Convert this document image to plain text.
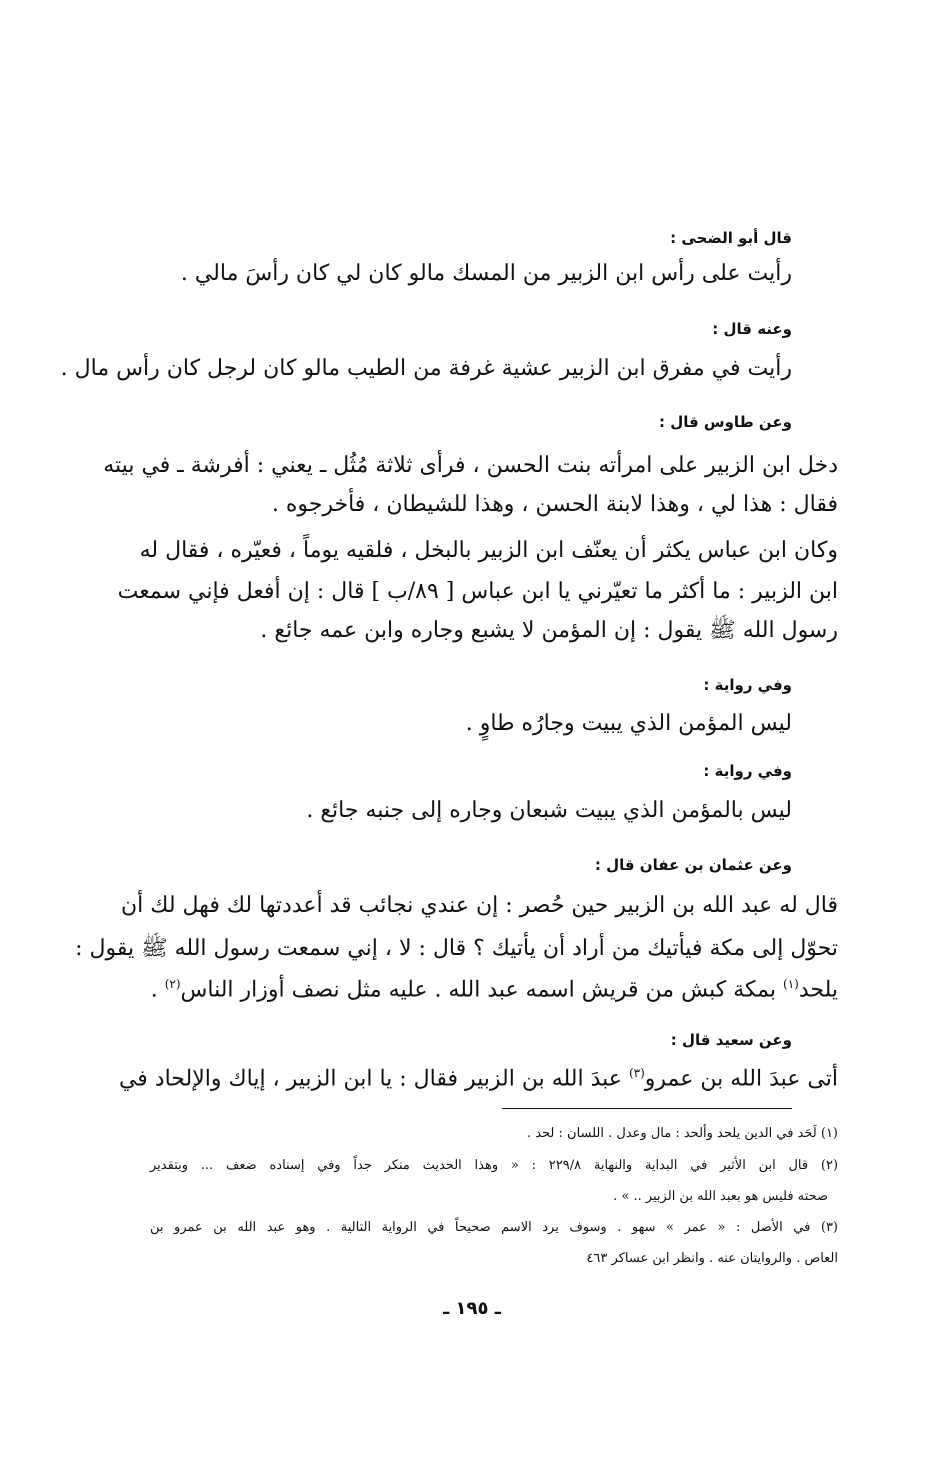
قال أبو الضحى :
رأيت على رأس ابن الزبير من المسك مالو كان لي كان رأسَ مالي .
وعنه قال :
رأيت في مفرق ابن الزبير عشية غرفة من الطيب مالو كان لرجل كان رأس مال .
وعن طاوس قال :
دخل ابن الزبير على امرأته بنت الحسن ، فرأى ثلاثة مُثُل ـ يعني : أفرشة ـ في بيته
فقال : هذا لي ، وهذا لابنة الحسن ، وهذا للشيطان ، فأخرجوه .
وكان ابن عباس يكثر أن يعنّف ابن الزبير بالبخل ، فلقيه يوماً ، فعيّره ، فقال له
ابن الزبير : ما أكثر ما تعيّرني يا ابن عباس [ ٨٩/ب ] قال : إن أفعل فإني سمعت
رسول الله ﷺ يقول : إن المؤمن لا يشبع وجاره وابن عمه جائع .
وفي رواية :
ليس المؤمن الذي يبيت وجارُه طاوٍ .
وفي رواية :
ليس بالمؤمن الذي يبيت شبعان وجاره إلى جنبه جائع .
وعن عثمان بن عفان قال :
قال له عبد الله بن الزبير حين حُصر : إن عندي نجائب قد أعددتها لك فهل لك أن
تحوّل إلى مكة فيأتيك من أراد أن يأتيك ؟ قال : لا ، إني سمعت رسول الله ﷺ يقول :
يلحد$^{(١)}$ بمكة كبش من قريش اسمه عبد الله . عليه مثل نصف أوزار الناس$^{(٢)}$ .
وعن سعيد قال :
أتى عبدَ الله بن عمرو$^{(٣)}$ عبدَ الله بن الزبير فقال : يا ابن الزبير ، إياك والإلحاد في
(١) لَحَد في الدين يلحد وألحد : مال وعدل . اللسان : لحد .
(٢) قال ابن الأثير في البداية والنهاية ٢٢٩/٨ : « وهذا الحديث منكر جداً وفي إسناده ضعف ... وبتقدير
صحته فليس هو بعبد الله بن الزبير .. » .
(٣) في الأصل : « عمر » سهو . وسوف يرد الاسم صحيحاً في الرواية التالية . وهو عبد الله بن عمرو بن
العاص . والروايتان عنه . وانظر ابن عساكر ٤٦٣
ـ ١٩٥ ـ
